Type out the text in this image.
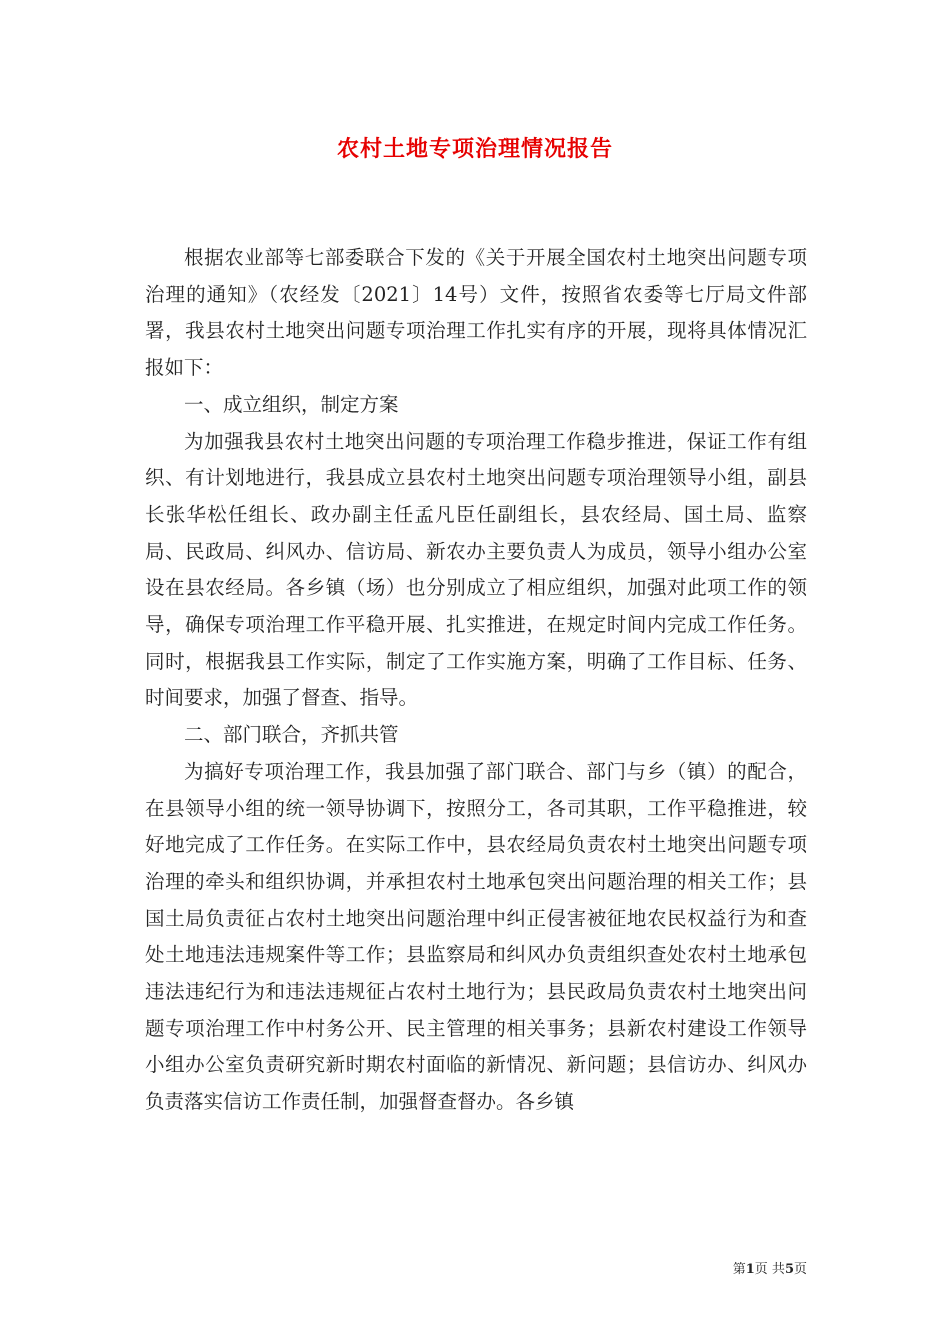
农村土地专项治理情况报告

根据农业部等七部委联合下发的《关于开展全国农村土地突出问题专项治理的通知》（农经发〔2021〕14号）文件，按照省农委等七厅局文件部署，我县农村土地突出问题专项治理工作扎实有序的开展，现将具体情况汇报如下：

一、成立组织，制定方案

为加强我县农村土地突出问题的专项治理工作稳步推进，保证工作有组织、有计划地进行，我县成立县农村土地突出问题专项治理领导小组，副县长张华松任组长、政办副主任孟凡臣任副组长，县农经局、国土局、监察局、民政局、纠风办、信访局、新农办主要负责人为成员，领导小组办公室设在县农经局。各乡镇（场）也分别成立了相应组织，加强对此项工作的领导，确保专项治理工作平稳开展、扎实推进，在规定时间内完成工作任务。同时，根据我县工作实际，制定了工作实施方案，明确了工作目标、任务、时间要求，加强了督查、指导。

二、部门联合，齐抓共管

为搞好专项治理工作，我县加强了部门联合、部门与乡（镇）的配合，在县领导小组的统一领导协调下，按照分工，各司其职，工作平稳推进，较好地完成了工作任务。在实际工作中，县农经局负责农村土地突出问题专项治理的牵头和组织协调，并承担农村土地承包突出问题治理的相关工作；县国土局负责征占农村土地突出问题治理中纠正侵害被征地农民权益行为和查处土地违法违规案件等工作；县监察局和纠风办负责组织查处农村土地承包违法违纪行为和违法违规征占农村土地行为；县民政局负责农村土地突出问题专项治理工作中村务公开、民主管理的相关事务；县新农村建设工作领导小组办公室负责研究新时期农村面临的新情况、新问题；县信访办、纠风办负责落实信访工作责任制，加强督查督办。各乡镇

第1页 共5页
